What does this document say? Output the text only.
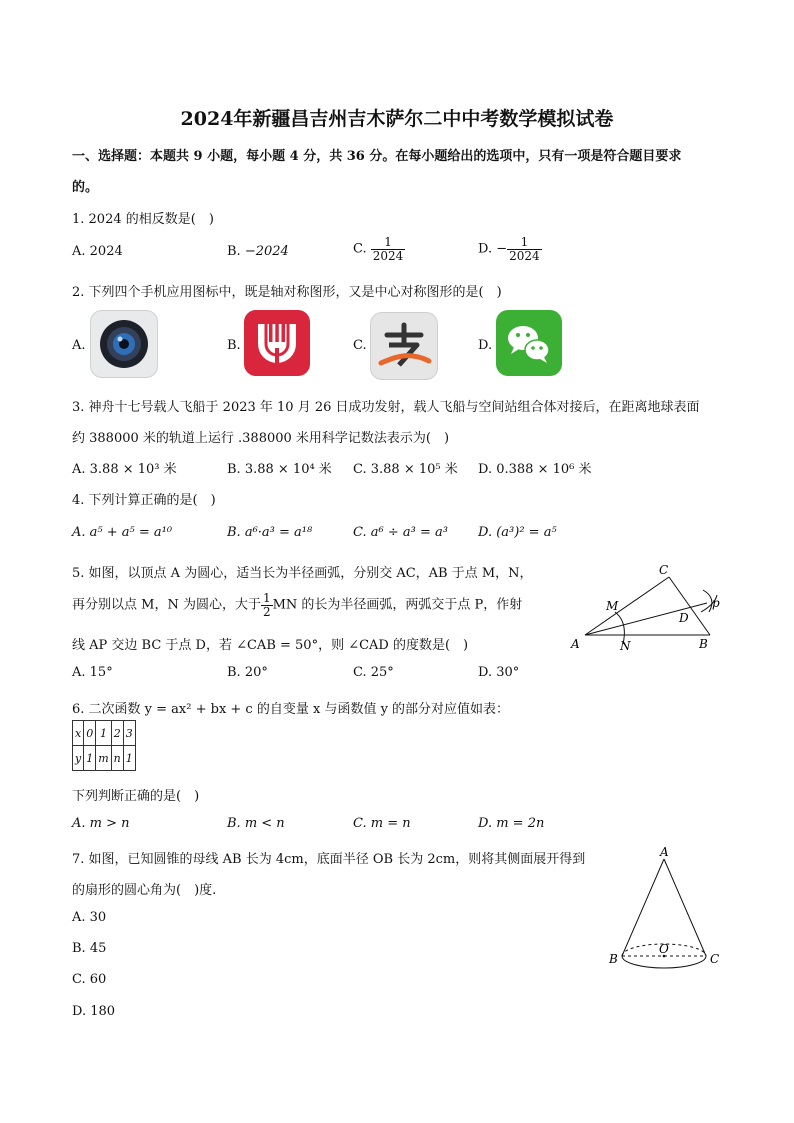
2024年新疆昌吉州吉木萨尔二中中考数学模拟试卷
一、选择题：本题共 9 小题，每小题 4 分，共 36 分。在每小题给出的选项中，只有一项是符合题目要求
的。
1. 2024 的相反数是(　)
A. 2024	B. −2024	C. $\frac{1}{2024}$	D. − $\frac{1}{2024}$
2. 下列四个手机应用图标中，既是轴对称图形，又是中心对称图形的是(　)
A.	B.	C.	D.
3. 神舟十七号载人飞船于 2023 年 10 月 26 日成功发射，载人飞船与空间站组合体对接后，在距离地球表面
约 388000 米的轨道上运行 .388000 米用科学记数法表示为(　)
A. 3.88 × 10³ 米	B. 3.88 × 10⁴ 米 C. 3.88 × 10⁵ 米 D. 0.388 × 10⁶ 米
4. 下列计算正确的是(　)
A. a⁵ + a⁵ = a¹⁰	B. a⁶·a³ = a¹⁸	C. a⁶ ÷ a³ = a³ D. (a³)² = a⁵
5. 如图，以顶点 A 为圆心，适当长为半径画弧，分别交 AC，AB 于点 M，N，
再分别以点 M，N 为圆心，大于 $\frac{1}{2}$ MN 的长为半径画弧，两弧交于点 P，作射
线 AP 交边 BC 于点 D，若 ∠CAB = 50°，则 ∠CAD 的度数是(　)
A. 15°	B. 20°	C. 25°	D. 30°
C
M
D
p
A	N	B
6. 二次函数 y = ax² + bx + c 的自变量 x 与函数值 y 的部分对应值如表：
x	0	1	2	3
y	1	m	n	1
下列判断正确的是(　)
A. m > n	B. m < n	C. m = n	D. m = 2n
7. 如图，已知圆锥的母线 AB 长为 4cm，底面半径 OB 长为 2cm，则将其侧面展开得到
的扇形的圆心角为(　)度.
A. 30
B. 45
C. 60
D. 180
A
O
B	C
